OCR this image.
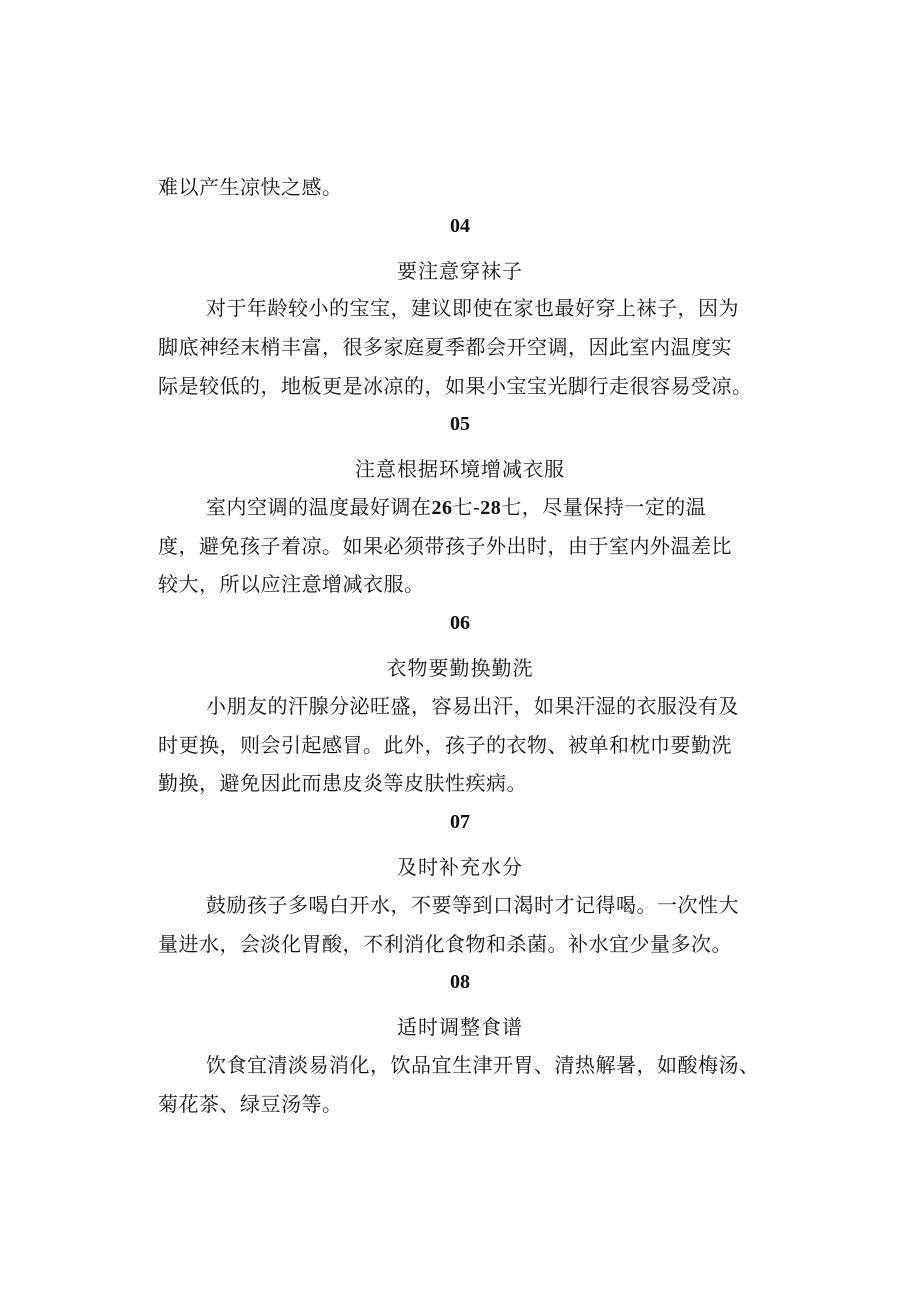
难以产生凉快之感。
04
要注意穿袜子
对于年龄较小的宝宝，建议即使在家也最好穿上袜子，因为
脚底神经末梢丰富，很多家庭夏季都会开空调，因此室内温度实
际是较低的，地板更是冰凉的，如果小宝宝光脚行走很容易受凉。
05
注意根据环境增减衣服
室内空调的温度最好调在26七-28七，尽量保持一定的温
度，避免孩子着凉。如果必须带孩子外出时，由于室内外温差比
较大，所以应注意增减衣服。
06
衣物要勤换勤洗
小朋友的汗腺分泌旺盛，容易出汗，如果汗湿的衣服没有及
时更换，则会引起感冒。此外，孩子的衣物、被单和枕巾要勤洗
勤换，避免因此而患皮炎等皮肤性疾病。
07
及时补充水分
鼓励孩子多喝白开水，不要等到口渴时才记得喝。一次性大
量进水，会淡化胃酸，不利消化食物和杀菌。补水宜少量多次。
08
适时调整食谱
饮食宜清淡易消化，饮品宜生津开胃、清热解暑，如酸梅汤、
菊花茶、绿豆汤等。
